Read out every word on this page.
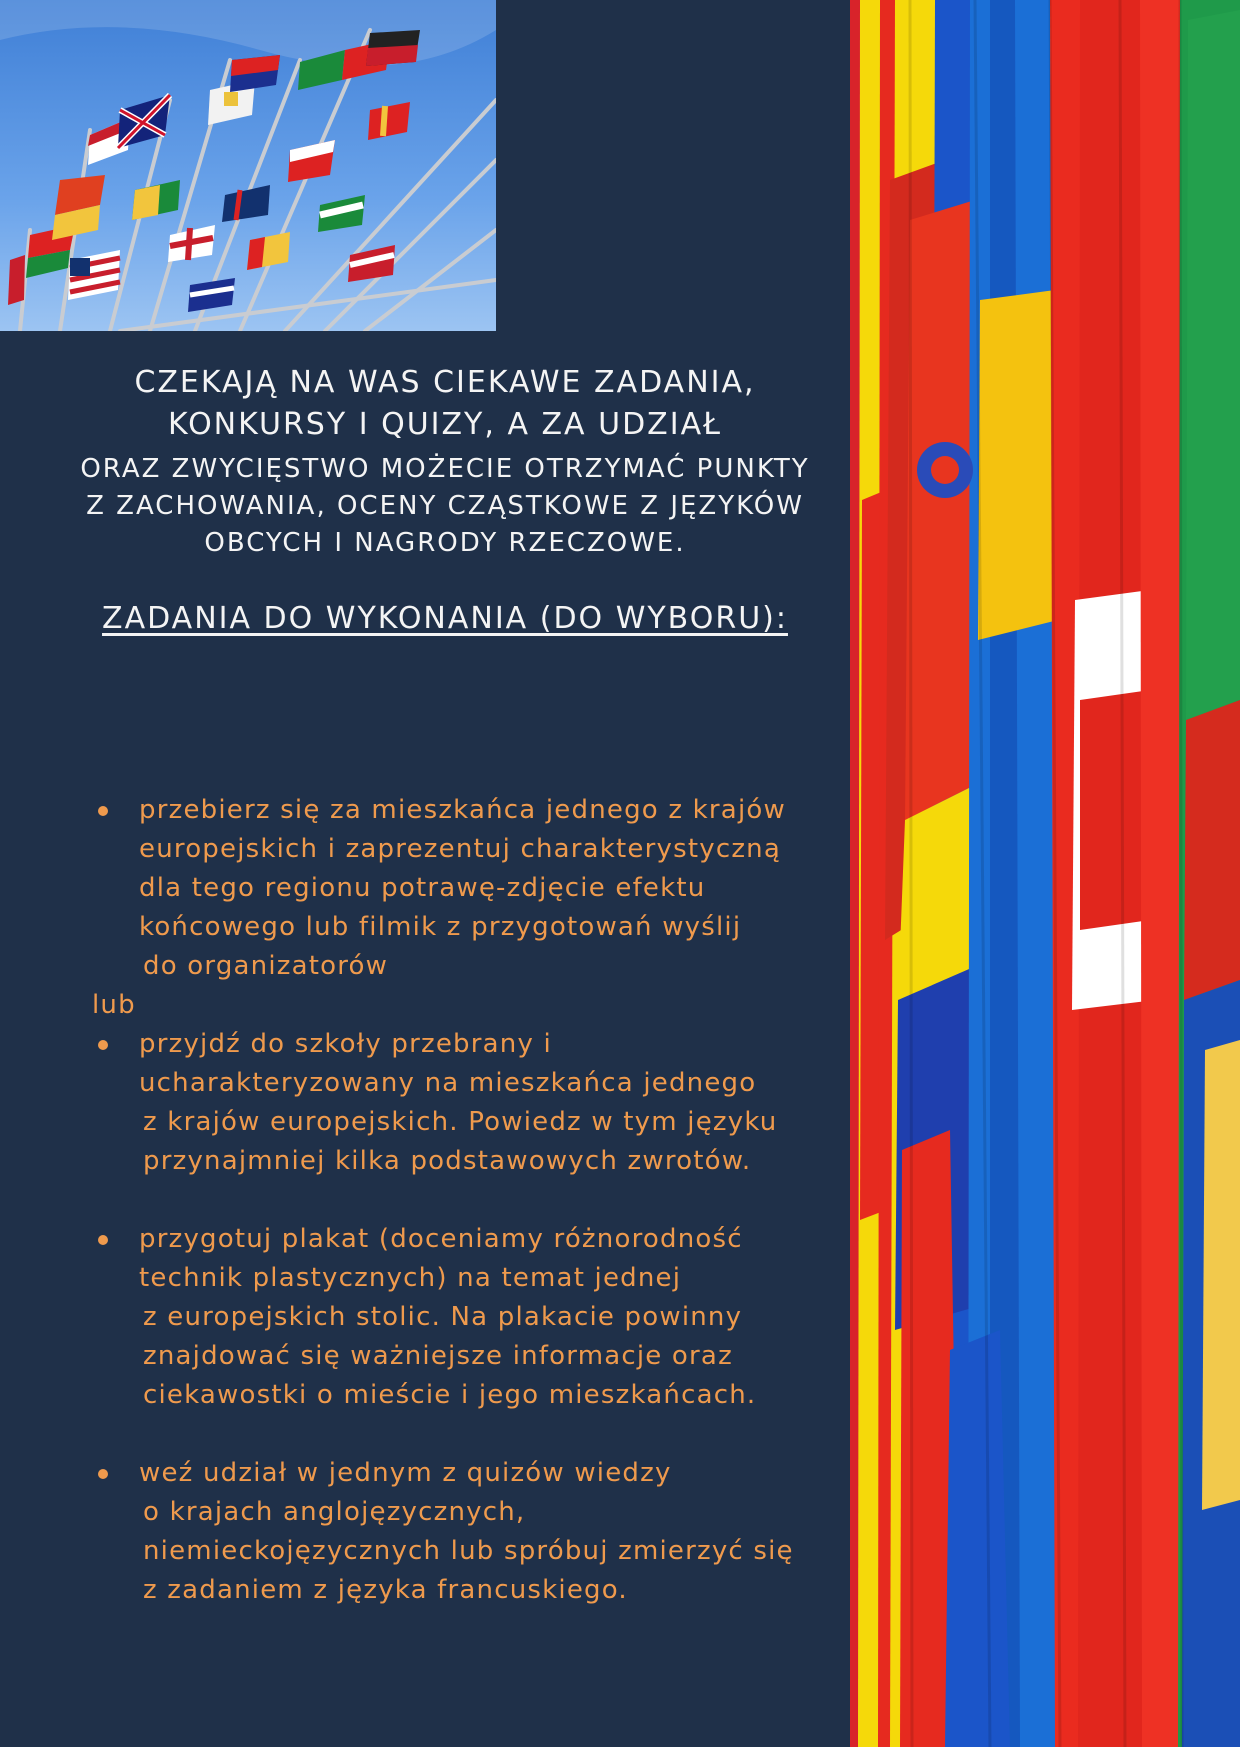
CZEKAJĄ NA WAS CIEKAWE ZADANIA,
KONKURSY I QUIZY, A ZA UDZIAŁ
ORAZ ZWYCIĘSTWO MOŻECIE OTRZYMAĆ PUNKTY
Z ZACHOWANIA, OCENY CZĄSTKOWE Z JĘZYKÓW
OBCYCH I NAGRODY RZECZOWE.
ZADANIA DO WYKONANIA (DO WYBORU):
przebierz się za mieszkańca jednego z krajów
europejskich i zaprezentuj charakterystyczną
dla tego regionu potrawę-zdjęcie efektu
końcowego lub filmik z przygotowań wyślij
do organizatorów
lub
przyjdź do szkoły przebrany i
ucharakteryzowany na mieszkańca jednego
z krajów europejskich. Powiedz w tym języku
przynajmniej kilka podstawowych zwrotów.
przygotuj plakat (doceniamy różnorodność
technik plastycznych) na temat jednej
z europejskich stolic. Na plakacie powinny
znajdować się ważniejsze informacje oraz
ciekawostki o mieście i jego mieszkańcach.
weź udział w jednym z quizów wiedzy
o krajach anglojęzycznych,
niemieckojęzycznych lub spróbuj zmierzyć się
z zadaniem z języka francuskiego.
